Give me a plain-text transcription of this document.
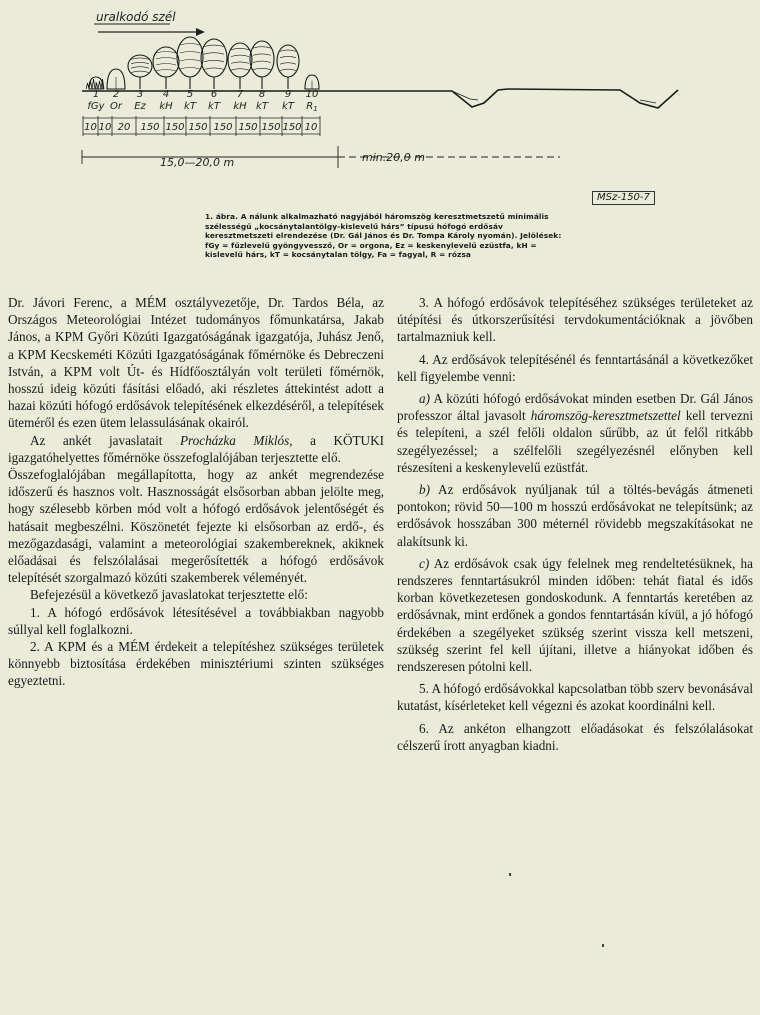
uralkodó szél
1 2 3 4 5 6 7 8 9 10
fGy Or Ez kH kT kT kH kT kT $R_1$
10 10 20 150 150 150 150 150 150 150 10
15,0—20,0 m	min.20,0 m
MSz-150-7
1. ábra. A nálunk alkalmazható nagyjából háromszög keresztmetszetű minimális szélességű „kocsánytalantölgy-kislevelű hárs” típusú hófogó erdősáv keresztmetszeti elrendezése (Dr. Gál János és Dr. Tompa Károly nyomán). Jelölések: fGy = fűzlevelű gyöngyvessző, Or = orgona, Ez = keskenylevelű ezüstfa, kH = kislevelű hárs, kT = kocsánytalan tölgy, Fa = fagyal, R = rózsa

Dr. Jávori Ferenc, a MÉM osztályvezetője, Dr. Tardos Béla, az Országos Meteorológiai Intézet tudományos főmunkatársa, Jakab János, a KPM Győri Közúti Igazgatóságának igazgatója, Juhász Jenő, a KPM Kecskeméti Közúti Igazgatóságának főmérnöke és Debreczeni István, a KPM volt Út- és Hídfőosztályán volt területi főmérnök, hosszú ideig közúti fásítási előadó, aki részletes áttekintést adott a hazai közúti hófogó erdősávok telepítésének elkezdéséről, a telepítések üteméről és ezen ütem lelassulásának okairól.

Az ankét javaslatait Procházka Miklós, a KÖTUKI igazgatóhelyettes főmérnöke összefoglalójában terjesztette elő.

Összefoglalójában megállapította, hogy az ankét megrendezése időszerű és hasznos volt. Hasznosságát elsősorban abban jelölte meg, hogy szélesebb körben mód volt a hófogó erdősávok jelentőségét és hatásait megbeszélni. Köszönetét fejezte ki elsősorban az erdő-, és mezőgazdasági, valamint a meteorológiai szakembereknek, akiknek előadásai és felszólalásai megerősítették a hófogó erdősávok telepítését szorgalmazó közúti szakemberek véleményét.

Befejezésül a következő javaslatokat terjesztette elő:

1. A hófogó erdősávok létesítésével a továbbiakban nagyobb súllyal kell foglalkozni.

2. A KPM és a MÉM érdekeit a telepítéshez szükséges területek könnyebb biztosítása érdekében minisztériumi szinten szükséges egyeztetni.

3. A hófogó erdősávok telepítéséhez szükséges területeket az útépítési és útkorszerűsítési tervdokumentációknak a jövőben tartalmazniuk kell.

4. Az erdősávok telepítésénél és fenntartásánál a következőket kell figyelembe venni:

a) A közúti hófogó erdősávokat minden esetben Dr. Gál János professzor által javasolt háromszög-keresztmetszettel kell tervezni és telepíteni, a szél felőli oldalon sűrűbb, az út felől ritkább szegélyezéssel; a szélfelőli szegélyezésnél előnyben kell részesíteni a keskenylevelű ezüstfát.

b) Az erdősávok nyúljanak túl a töltés-bevágás átmeneti pontokon; rövid 50—100 m hosszú erdősávokat ne telepítsünk; az erdősávok hosszában 300 méternél rövidebb megszakításokat ne alakítsunk ki.

c) Az erdősávok csak úgy felelnek meg rendeltetésüknek, ha rendszeres fenntartásukról minden időben: tehát fiatal és idős korban következetesen gondoskodunk. A fenntartás keretében az erdősávnak, mint erdőnek a gondos fenntartásán kívül, a jó hófogó érdekében a szegélyeket szükség szerint vissza kell metszeni, szükség szerint fel kell újítani, illetve a hiányokat időben és rendszeresen pótolni kell.

5. A hófogó erdősávokkal kapcsolatban több szerv bevonásával kutatást, kísérleteket kell végezni és azokat koordinálni kell.

6. Az ankéton elhangzott előadásokat és felszólalásokat célszerű írott anyagban kiadni.
